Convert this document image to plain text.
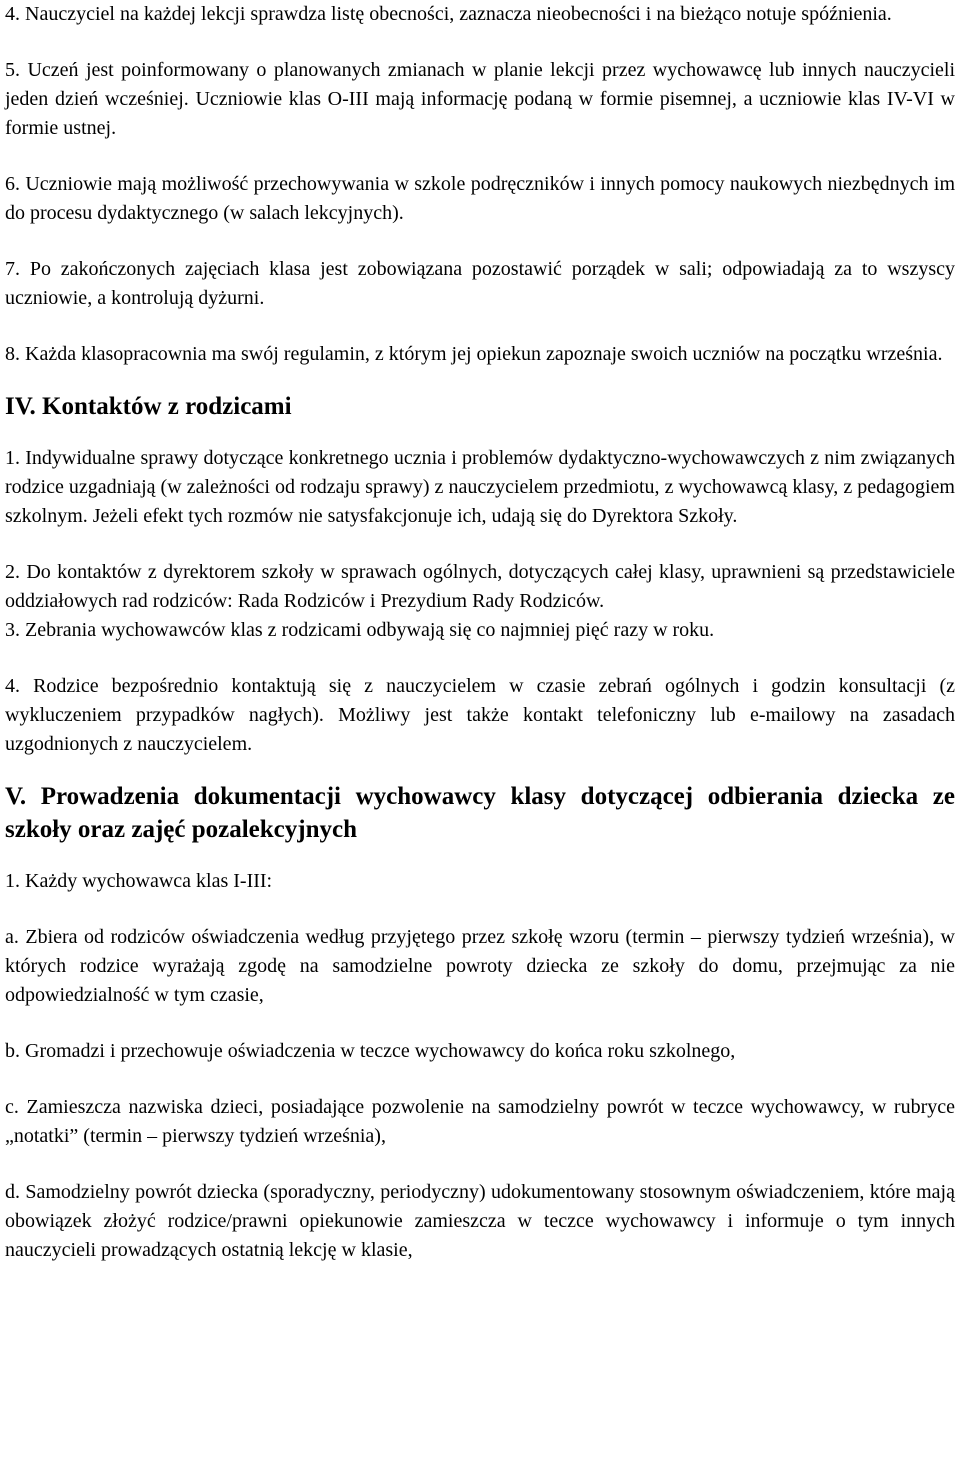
4. Nauczyciel na każdej lekcji sprawdza listę obecności, zaznacza nieobecności i na bieżąco notuje spóźnienia.

5. Uczeń jest poinformowany o planowanych zmianach w planie lekcji przez wychowawcę lub innych nauczycieli jeden dzień wcześniej. Uczniowie klas O-III mają informację podaną w formie pisemnej, a uczniowie klas IV-VI w formie ustnej.

6. Uczniowie mają możliwość przechowywania w szkole podręczników i innych pomocy naukowych niezbędnych im do procesu dydaktycznego (w salach lekcyjnych).

7. Po zakończonych zajęciach klasa jest zobowiązana pozostawić porządek w sali; odpowiadają za to wszyscy uczniowie, a kontrolują dyżurni.

8. Każda klasopracownia ma swój regulamin, z którym jej opiekun zapoznaje swoich uczniów na początku września.

IV. Kontaktów z rodzicami

1. Indywidualne sprawy dotyczące konkretnego ucznia i problemów dydaktyczno-wychowawczych z nim związanych rodzice uzgadniają (w zależności od rodzaju sprawy) z nauczycielem przedmiotu, z wychowawcą klasy, z pedagogiem szkolnym. Jeżeli efekt tych rozmów nie satysfakcjonuje ich, udają się do Dyrektora Szkoły.

2. Do kontaktów z dyrektorem szkoły w sprawach ogólnych, dotyczących całej klasy, uprawnieni są przedstawiciele oddziałowych rad rodziców: Rada Rodziców i Prezydium Rady Rodziców.

3. Zebrania wychowawców klas z rodzicami odbywają się co najmniej pięć razy w roku.

4. Rodzice bezpośrednio kontaktują się z nauczycielem w czasie zebrań ogólnych i godzin konsultacji (z wykluczeniem przypadków nagłych). Możliwy jest także kontakt telefoniczny lub e-mailowy na zasadach uzgodnionych z nauczycielem.

V. Prowadzenia dokumentacji wychowawcy klasy dotyczącej odbierania dziecka ze szkoły oraz zajęć pozalekcyjnych

1. Każdy wychowawca klas I-III:

a. Zbiera od rodziców oświadczenia według przyjętego przez szkołę wzoru (termin – pierwszy tydzień września), w których rodzice wyrażają zgodę na samodzielne powroty dziecka ze szkoły do domu, przejmując za nie odpowiedzialność w tym czasie,

b. Gromadzi i przechowuje oświadczenia w teczce wychowawcy do końca roku szkolnego,

c. Zamieszcza nazwiska dzieci, posiadające pozwolenie na samodzielny powrót w teczce wychowawcy, w rubryce „notatki” (termin – pierwszy tydzień września),

d. Samodzielny powrót dziecka (sporadyczny, periodyczny) udokumentowany stosownym oświadczeniem, które mają obowiązek złożyć rodzice/prawni opiekunowie zamieszcza w teczce wychowawcy i informuje o tym innych nauczycieli prowadzących ostatnią lekcję w klasie,
